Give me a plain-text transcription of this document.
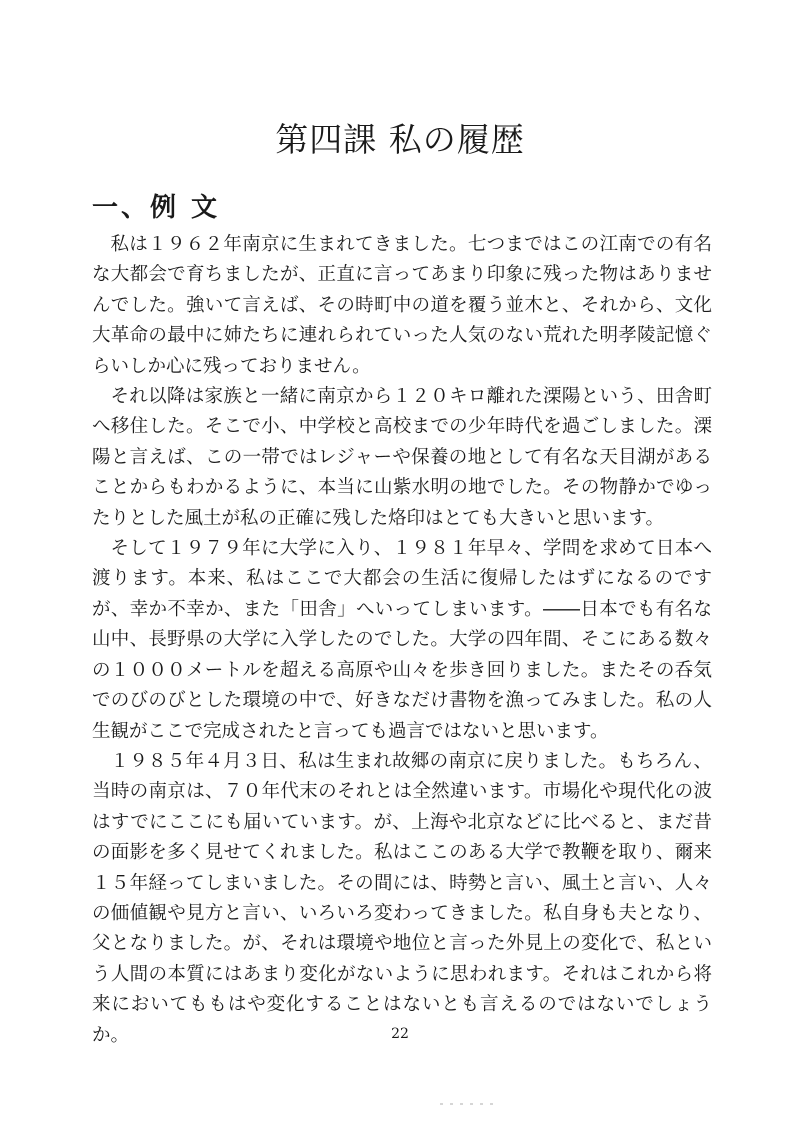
第四課 私の履歴
一、例 文

私は１９６２年南京に生まれてきました。七つまではこの江南での有名な大都会で育ちましたが、正直に言ってあまり印象に残った物はありませんでした。強いて言えば、その時町中の道を覆う並木と、それから、文化大革命の最中に姉たちに連れられていった人気のない荒れた明孝陵記憶ぐらいしか心に残っておりません。

それ以降は家族と一緒に南京から１２０キロ離れた溧陽という、田舎町へ移住した。そこで小、中学校と高校までの少年時代を過ごしました。溧陽と言えば、この一帯ではレジャーや保養の地として有名な天目湖があることからもわかるように、本当に山紫水明の地でした。その物静かでゆったりとした風土が私の正確に残した烙印はとても大きいと思います。

そして１９７９年に大学に入り、１９８１年早々、学問を求めて日本へ渡ります。本来、私はここで大都会の生活に復帰したはずになるのですが、幸か不幸か、また「田舎」へいってしまいます。――日本でも有名な山中、長野県の大学に入学したのでした。大学の四年間、そこにある数々の１０００メートルを超える高原や山々を歩き回りました。またその呑気でのびのびとした環境の中で、好きなだけ書物を漁ってみました。私の人生観がここで完成されたと言っても過言ではないと思います。

１９８５年４月３日、私は生まれ故郷の南京に戻りました。もちろん、当時の南京は、７０年代末のそれとは全然違います。市場化や現代化の波はすでにここにも届いています。が、上海や北京などに比べると、まだ昔の面影を多く見せてくれました。私はここのある大学で教鞭を取り、爾来１５年経ってしまいました。その間には、時勢と言い、風土と言い、人々の価値観や見方と言い、いろいろ変わってきました。私自身も夫となり、父となりました。が、それは環境や地位と言った外見上の変化で、私という人間の本質にはあまり変化がないように思われます。それはこれから将来においてももはや変化することはないとも言えるのではないでしょうか。	22
